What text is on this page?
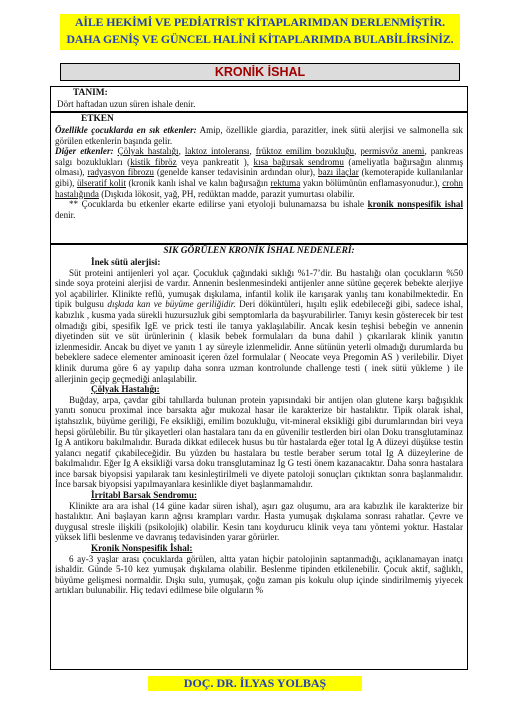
AİLE HEKİMİ VE PEDİATRİST KİTAPLARIMDAN DERLENMİŞTİR.
DAHA GENİŞ VE GÜNCEL HALİNİ KİTAPLARIMDA BULABİLİRSİNİZ.
KRONİK İSHAL
TANIM:

Dört haftadan uzun süren ishale denir.

ETKEN

Özellikle çocuklarda en sık etkenler: Amip, özellikle giardia, parazitler, inek sütü alerjisi ve salmonella sık görülen etkenlerin başında gelir.

Diğer etkenler: Çölyak hastalığı, laktoz intoleransı, früktoz emilim bozukluğu, permisvöz anemi, pankreas salgı bozuklukları (kistik fibröz veya pankreatit ), kısa bağırsak sendromu (ameliyatla bağırsağın alınmış olması), radyasyon fibrozu (genelde kanser tedavisinin ardından olur), bazı ilaçlar (kemoterapide kullanılanlar gibi), ülseratif kolit (kronik kanlı ishal ve kalın bağırsağın rektuma yakın bölümünün enflamasyonudur.), crohn hastalığında (Dışkıda lökosit, yağ, PH, redüktan madde, parazit yumurtası olabilir.

** Çocuklarda bu etkenler ekarte edilirse yani etyoloji bulunamazsa bu ishale kronik nonspesifik ishal denir.

SIK GÖRÜLEN KRONİK İSHAL NEDENLERİ:
İnek sütü alerjisi:

Süt proteini antijenleri yol açar. Çocukluk çağındaki sıklığı %1-7’dir. Bu hastalığı olan çocukların %50 sinde soya proteini alerjisi de vardır. Annenin beslenmesindeki antijenler anne sütüne geçerek bebekte alerjiye yol açabilirler. Klinikte reflü, yumuşak dışkılama, infantil kolik ile karışarak yanlış tanı konabilmektedir. En tipik bulgusu dışkıda kan ve büyüme geriliğidir. Deri döküntüleri, hışıltı eşlik edebileceği gibi, sadece ishal, kabızlık , kusma yada sürekli huzursuzluk gibi semptomlarla da başvurabilirler. Tanıyı kesin gösterecek bir test olmadığı gibi, spesifik IgE ve prick testi ile tanıya yaklaşılabilir. Ancak kesin teşhisi bebeğin ve annenin diyetinden süt ve süt ürünlerinin ( klasik bebek formulaları da buna dahil ) çıkarılarak klinik yanıtın izlenmesidir. Ancak bu diyet ve yanıtı 1 ay süreyle izlenmelidir. Anne sütünün yeterli olmadığı durumlarda bu bebeklere sadece elementer aminoasit içeren özel formulalar ( Neocate veya Pregomin AS ) verilebilir. Diyet klinik duruma göre 6 ay yapılıp daha sonra uzman kontrolunde challenge testi ( inek sütü yükleme ) ile allerjinin geçip geçmediği anlaşılabilir.

Çölyak Hastalığı:

Buğday, arpa, çavdar gibi tahıllarda bulunan protein yapısındaki bir antijen olan glutene karşı bağışıklık yanıtı sonucu proximal ince barsakta ağır mukozal hasar ile karakterize bir hastalıktır. Tipik olarak ishal, iştahsızlık, büyüme geriliği, Fe eksikliği, emilim bozukluğu, vit-mineral eksikliği gibi durumlarından biri veya hepsi görülebilir. Bu tür şikayetleri olan hastalara tanı da en güvenilir testlerden biri olan Doku transglutaminaz Ig A antikoru bakılmalıdır. Burada dikkat edilecek husus bu tür hastalarda eğer total Ig A düzeyi düşükse testin yalancı negatif çıkabileceğidir. Bu yüzden bu hastalara bu testle beraber serum total Ig A düzeylerine de bakılmalıdır. Eğer Ig A eksikliği varsa doku transglutaminaz Ig G testi önem kazanacaktır. Daha sonra hastalara ince barsak biyopsisi yapılarak tanı kesinleştirilmeli ve diyete patoloji sonuçları çıktıktan sonra başlanmalıdır. İnce barsak biyopsisi yapılmayanlara kesinlikle diyet başlanmamalıdır.

İrritabl Barsak Sendromu:

Klinikte ara ara ishal (14 güne kadar süren ishal), aşırı gaz oluşumu, ara ara kabızlık ile karakterize bir hastalıktır. Ani başlayan karın ağrısı krampları vardır. Hasta yumuşak dışkılama sonrası rahatlar. Çevre ve duygusal stresle ilişkili (psikolojik) olabilir. Kesin tanı koydurucu klinik veya tanı yöntemi yoktur. Hastalar yüksek lifli beslenme ve davranış tedavisinden yarar görürler.

Kronik Nonspesifik İshal:

6 ay-3 yaşlar arası çocuklarda görülen, altta yatan hiçbir patolojinin saptanmadığı, açıklanamayan inatçı ishaldir. Günde 5-10 kez yumuşak dışkılama olabilir. Beslenme tipinden etkilenebilir. Çocuk aktif, sağlıklı, büyüme gelişmesi normaldir. Dışkı sulu, yumuşak, çoğu zaman pis kokulu olup içinde sindirilmemiş yiyecek artıkları bulunabilir. Hiç tedavi edilmese bile olguların %

DOÇ. DR. İLYAS YOLBAŞ
